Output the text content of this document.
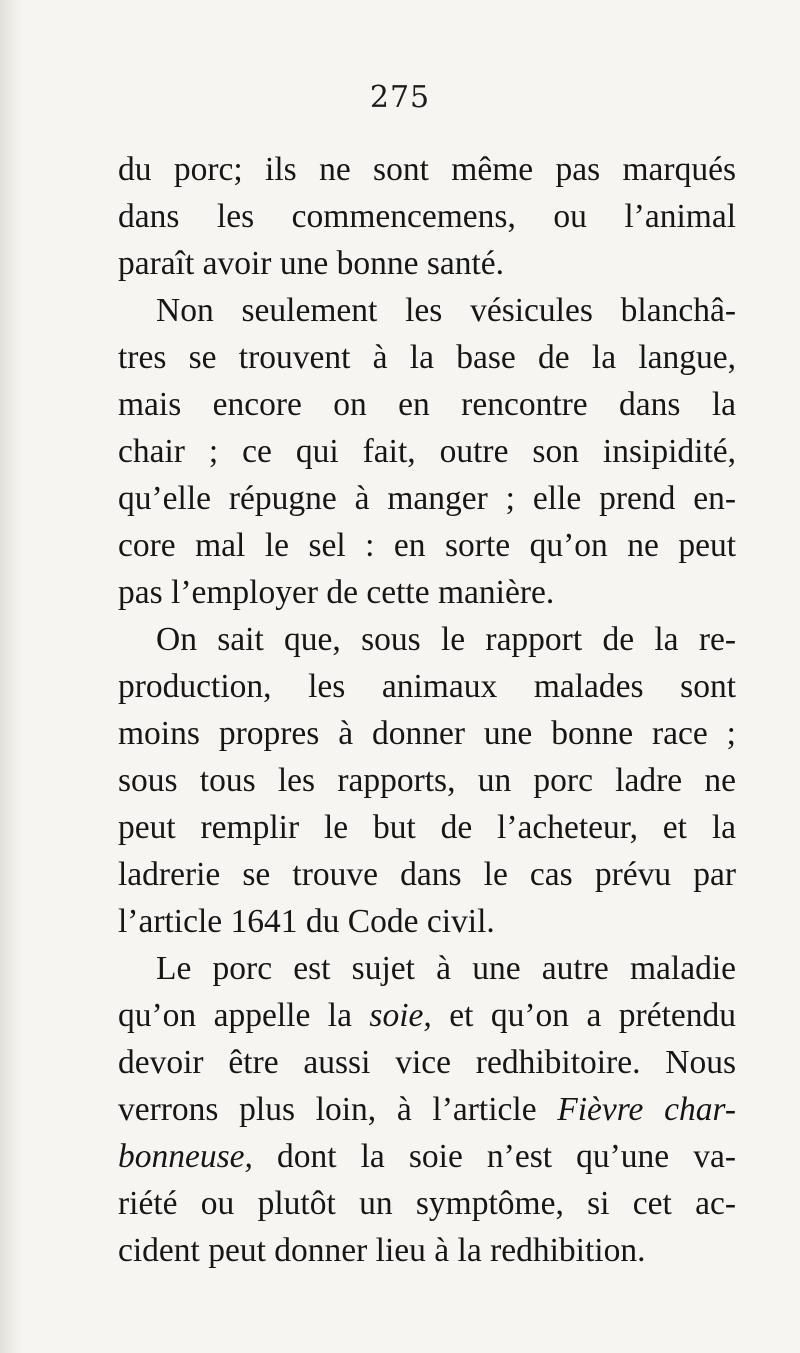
275
du porc; ils ne sont même pas marqués
dans les commencemens, ou l’animal
paraît avoir une bonne santé.
Non seulement les vésicules blanchâ-
tres se trouvent à la base de la langue,
mais encore on en rencontre dans la
chair ; ce qui fait, outre son insipidité,
qu’elle répugne à manger ; elle prend en-
core mal le sel : en sorte qu’on ne peut
pas l’employer de cette manière.
On sait que, sous le rapport de la re-
production, les animaux malades sont
moins propres à donner une bonne race ;
sous tous les rapports, un porc ladre ne
peut remplir le but de l’acheteur, et la
ladrerie se trouve dans le cas prévu par
l’article 1641 du Code civil.
Le porc est sujet à une autre maladie
qu’on appelle la soie, et qu’on a prétendu
devoir être aussi vice redhibitoire. Nous
verrons plus loin, à l’article Fièvre char-
bonneuse, dont la soie n’est qu’une va-
riété ou plutôt un symptôme, si cet ac-
cident peut donner lieu à la redhibition.
